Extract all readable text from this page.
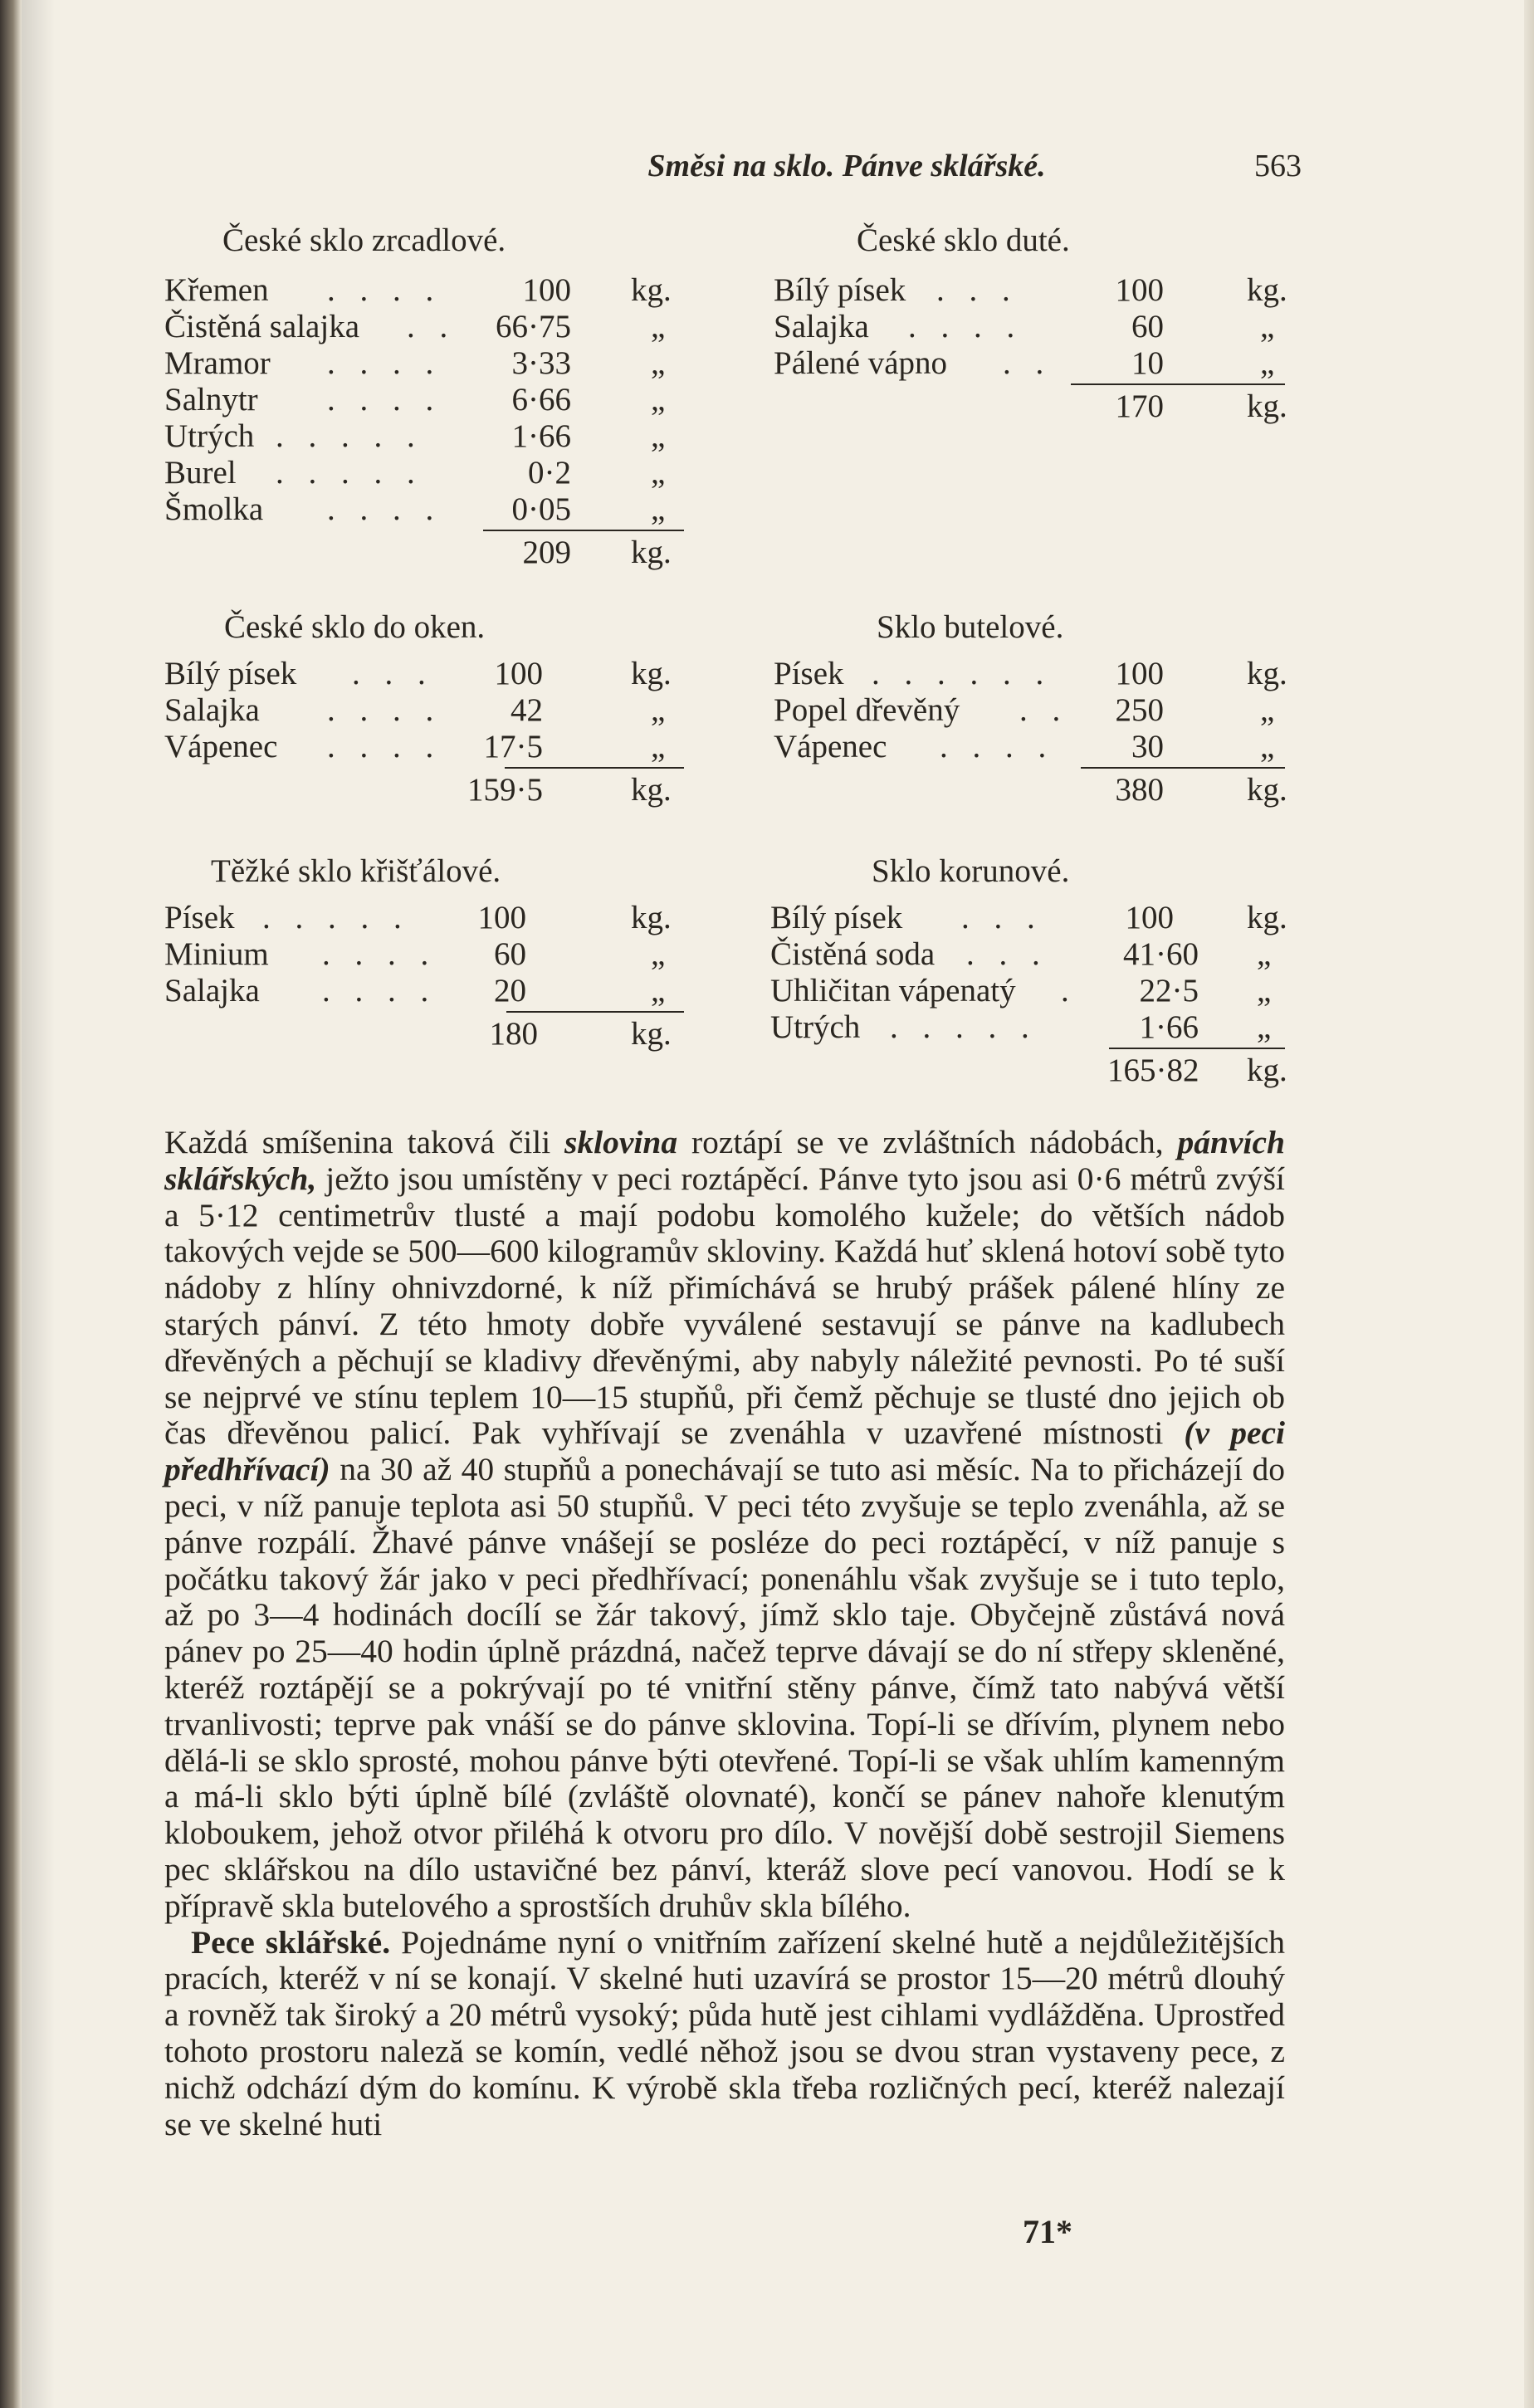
Směsi na sklo. Pánve sklářské.	563
České sklo zrcadlové.
Křemen . . . .	100 kg.
Čistěná salajka . .	66·75 „
Mramor . . . .	3·33 „
Salnytr . . . .	6·66 „
Utrých . . . . .	1·66 „
Burel . . . . .	0·2 „
Šmolka . . . .	0·05 „
209 kg.
České sklo duté.
Bílý písek . . .	100	kg.
Salajka . . . .	60	„
Pálené vápno . .	10	„
170	kg.
České sklo do oken.
Bílý písek . . .	100	kg.
Salajka . . . .	42	„
Vápenec . . . .	17·5	„
159·5	kg.
Sklo butelové.
Písek . . . . . .	100	kg.
Popel dřevěný . .	250	„
Vápenec . . . .	30	„
380	kg.
Těžké sklo křišťálové.
Písek . . . . .	100	kg.
Minium . . . .	60	„
Salajka . . . .	20	„
180	kg.
Sklo korunové.
Bílý písek . . .	100 kg.
Čistěná soda . . .	41·60 „
Uhličitan vápenatý .	22·5 „
Utrých . . . . .	1·66 „
165·82 kg.

Každá smíšenina taková čili sklovina roztápí se ve zvláštních nádobách, pánvích sklářských, ježto jsou umístěny v peci roztápěcí. Pánve tyto jsou asi 0·6 métrů zvýší a 5·12 centimetrův tlusté a mají podobu komolého kužele; do větších nádob takových vejde se 500—600 kilogramův skloviny. Každá huť sklená hotoví sobě tyto nádoby z hlíny ohnivzdorné, k níž přimíchává se hrubý prášek pálené hlíny ze starých pánví. Z této hmoty dobře vyválené sestavují se pánve na kadlubech dřevěných a pěchují se kladivy dřevěnými, aby nabyly náležité pevnosti. Po té suší se nejprvé ve stínu teplem 10—15 stupňů, při čemž pěchuje se tlusté dno jejich ob čas dřevěnou palicí. Pak vyhřívají se zvenáhla v uzavřené místnosti (v peci předhřívací) na 30 až 40 stupňů a ponechávají se tuto asi měsíc. Na to přicházejí do peci, v níž panuje teplota asi 50 stupňů. V peci této zvyšuje se teplo zvenáhla, až se pánve rozpálí. Žhavé pánve vnášejí se posléze do peci roztápěcí, v níž panuje s počátku takový žár jako v peci předhřívací; ponenáhlu však zvyšuje se i tuto teplo, až po 3—4 hodinách docílí se žár takový, jímž sklo taje. Obyčejně zůstává nová pánev po 25—40 hodin úplně prázdná, načež teprve dávají se do ní střepy skleněné, kteréž roztápějí se a pokrývají po té vnitřní stěny pánve, čímž tato nabývá větší trvanlivosti; teprve pak vnáší se do pánve sklovina. Topí-li se dřívím, plynem nebo dělá-li se sklo sprosté, mohou pánve býti otevřené. Topí-li se však uhlím kamenným a má-li sklo býti úplně bílé (zvláště olovnaté), končí se pánev nahoře klenutým kloboukem, jehož otvor přiléhá k otvoru pro dílo. V novější době sestrojil Siemens pec sklářskou na dílo ustavičné bez pánví, kteráž slove pecí vanovou. Hodí se k přípravě skla butelového a sprostších druhův skla bílého.

Pece sklářské. Pojednáme nyní o vnitřním zařízení skelné hutě a nejdůležitějších pracích, kteréž v ní se konají. V skelné huti uzavírá se prostor 15—20 métrů dlouhý a rovněž tak široký a 20 métrů vysoký; půda hutě jest cihlami vydlážděna. Uprostřed tohoto prostoru naleză se komín, vedlé něhož jsou se dvou stran vystaveny pece, z nichž odchází dým do komínu. K výrobě skla třeba rozličných pecí, kteréž nalezají se ve skelné huti

71*
